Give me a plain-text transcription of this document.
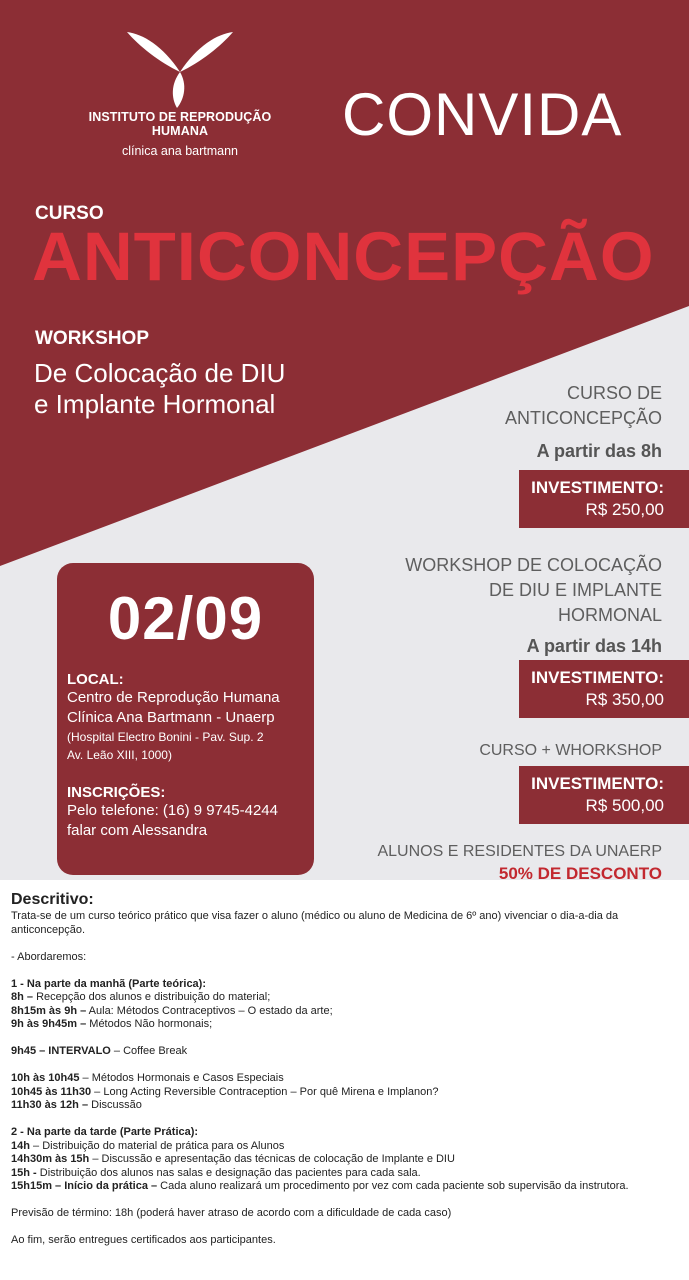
INSTITUTO DE REPRODUÇÃO HUMANA
clínica ana bartmann
CONVIDA
CURSO
ANTICONCEPÇÃO
WORKSHOP
De Colocação de DIU
e Implante Hormonal	CURSO DE
ANTICONCEPÇÃO
A partir das 8h
INVESTIMENTO:
R$ 250,00
WORKSHOP DE COLOCAÇÃO
DE DIU E IMPLANTE
HORMONAL
A partir das 14h
INVESTIMENTO:
R$ 350,00
CURSO + WHORKSHOP
INVESTIMENTO:
R$ 500,00
ALUNOS E RESIDENTES DA UNAERP
50% DE DESCONTO
02/09
LOCAL:
Centro de Reprodução Humana
Clínica Ana Bartmann - Unaerp
(Hospital Electro Bonini - Pav. Sup. 2
Av. Leão XIII, 1000)
INSCRIÇÕES:
Pelo telefone: (16) 9 9745-4244
falar com Alessandra
Descritivo:

Trata-se de um curso teórico prático que visa fazer o aluno (médico ou aluno de Medicina de 6º ano) vivenciar o dia-a-dia da anticoncepção.

- Abordaremos:

1 - Na parte da manhã (Parte teórica):

8h – Recepção dos alunos e distribuição do material;

8h15m às 9h – Aula: Métodos Contraceptivos – O estado da arte;

9h às 9h45m – Métodos Não hormonais;

9h45 – INTERVALO – Coffee Break

10h às 10h45 – Métodos Hormonais e Casos Especiais

10h45 às 11h30 – Long Acting Reversible Contraception – Por quê Mirena e Implanon?

11h30 às 12h – Discussão

2 - Na parte da tarde (Parte Prática):

14h – Distribuição do material de prática para os Alunos

14h30m às 15h – Discussão e apresentação das técnicas de colocação de Implante e DIU

15h - Distribuição dos alunos nas salas e designação das pacientes para cada sala.

15h15m – Início da prática – Cada aluno realizará um procedimento por vez com cada paciente sob supervisão da instrutora.

Previsão de término: 18h (poderá haver atraso de acordo com a dificuldade de cada caso)

Ao fim, serão entregues certificados aos participantes.
